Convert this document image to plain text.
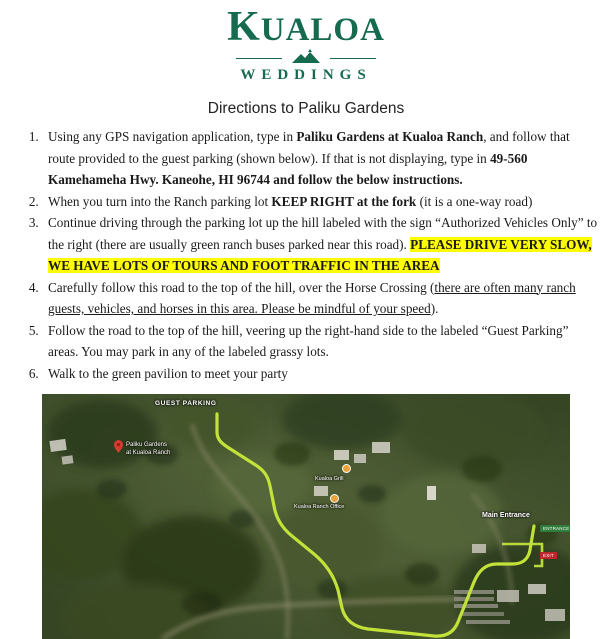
KUALOA
WEDDINGS
Directions to Paliku Gardens
1. Using any GPS navigation application, type in Paliku Gardens at Kualoa Ranch, and follow that route provided to the guest parking (shown below). If that is not displaying, type in 49-560 Kamehameha Hwy. Kaneohe, HI 96744 and follow the below instructions.
2. When you turn into the Ranch parking lot KEEP RIGHT at the fork (it is a one-way road)
3. Continue driving through the parking lot up the hill labeled with the sign “Authorized Vehicles Only” to the right (there are usually green ranch buses parked near this road). PLEASE DRIVE VERY SLOW, WE HAVE LOTS OF TOURS AND FOOT TRAFFIC IN THE AREA
4. Carefully follow this road to the top of the hill, over the Horse Crossing (there are often many ranch guests, vehicles, and horses in this area. Please be mindful of your speed).
5. Follow the road to the top of the hill, veering up the right-hand side to the labeled “Guest Parking” areas. You may park in any of the labeled grassy lots.
6. Walk to the green pavilion to meet your party
GUEST PARKING
Paliku Gardens
at Kualoa Ranch
Kualoa Grill
Kualoa Ranch Office
Main Entrance
ENTRANCE
EXIT
